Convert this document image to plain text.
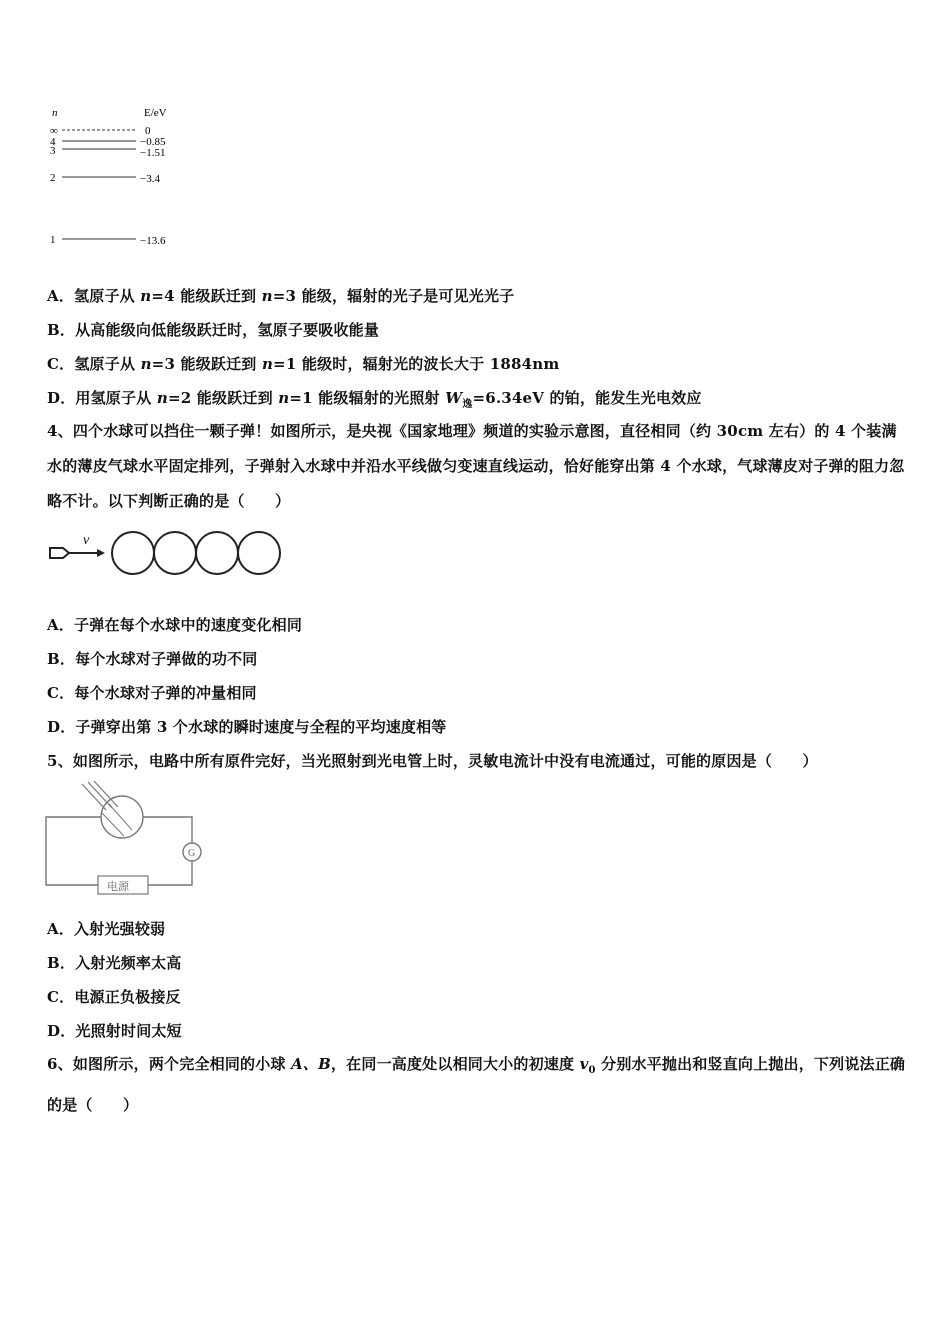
n	E/eV
∞
4
3
2
1
0
−0.85
−1.51
−3.4
−13.6
A．氢原子从 n=4 能级跃迁到 n=3 能级，辐射的光子是可见光光子
B．从高能级向低能级跃迁时，氢原子要吸收能量
C．氢原子从 n=3 能级跃迁到 n=1 能级时，辐射光的波长大于 1884nm
D．用氢原子从 n=2 能级跃迁到 n=1 能级辐射的光照射 $W_逸=6.34eV$ 的铂，能发生光电效应
4、四个水球可以挡住一颗子弹！如图所示，是央视《国家地理》频道的实验示意图，直径相同（约 30cm 左右）的 4 个装满水的薄皮气球水平固定排列，子弹射入水球中并沿水平线做匀变速直线运动，恰好能穿出第 4 个水球，气球薄皮对子弹的阻力忽略不计。以下判断正确的是（　　）
v
A．子弹在每个水球中的速度变化相同
B．每个水球对子弹做的功不同
C．每个水球对子弹的冲量相同
D．子弹穿出第 3 个水球的瞬时速度与全程的平均速度相等
5、如图所示，电路中所有原件完好，当光照射到光电管上时，灵敏电流计中没有电流通过，可能的原因是（　　）
G
电源
A．入射光强较弱
B．入射光频率太高
C．电源正负极接反
D．光照射时间太短
6、如图所示，两个完全相同的小球 A、B，在同一高度处以相同大小的初速度 $v_0$ 分别水平抛出和竖直向上抛出，下列说法正确的是（　　）
